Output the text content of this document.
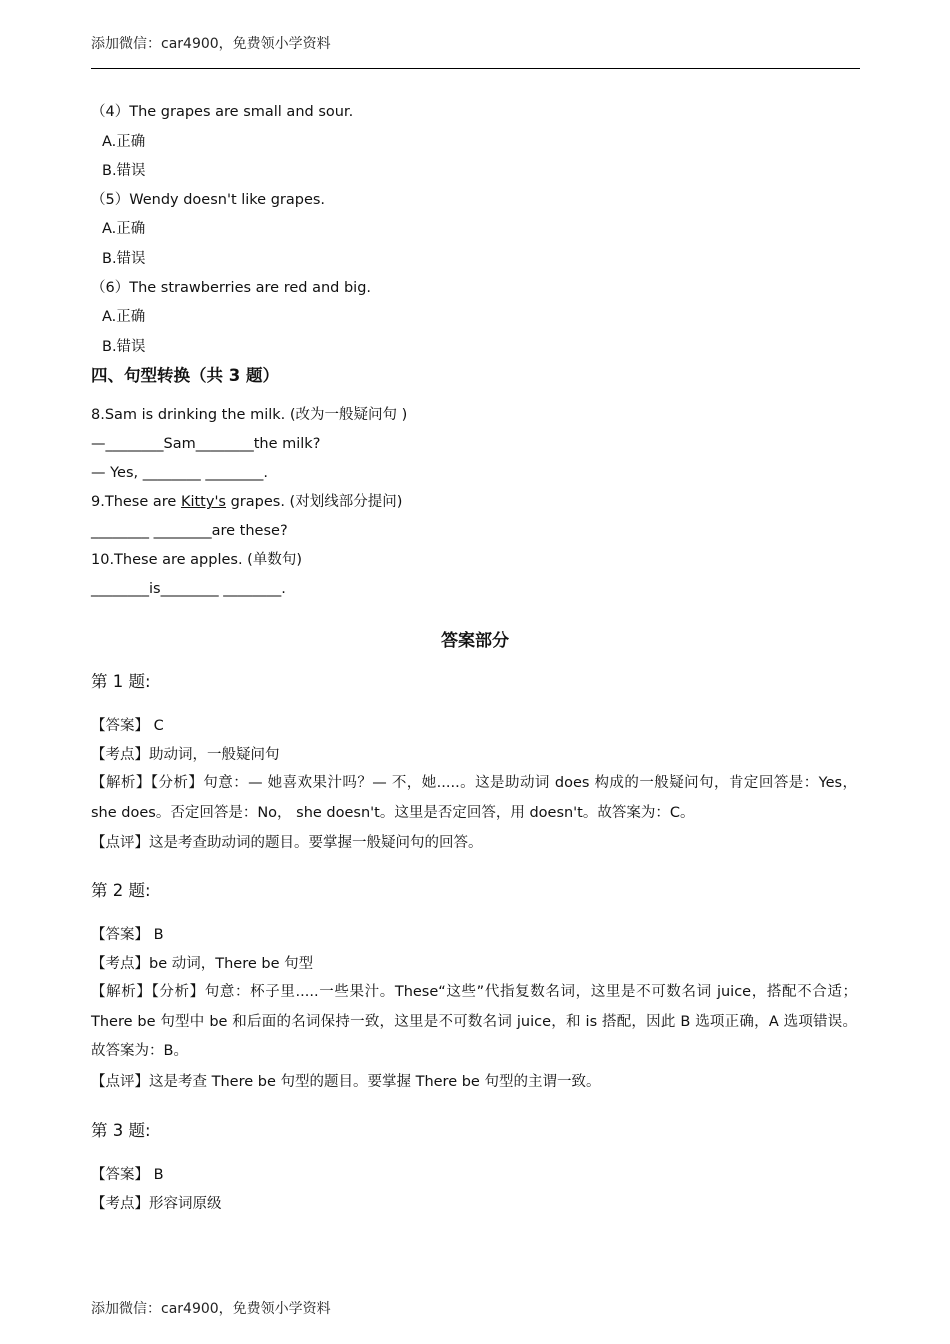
添加微信：car4900，免费领小学资料
（4）The grapes are small and sour.
A.正确
B.错误
（5）Wendy doesn't like grapes.
A.正确
B.错误
（6）The strawberries are red and big.
A.正确
B.错误
四、句型转换（共 3 题）
8.Sam is drinking the milk. (改为一般疑问句 )
—________Sam________the milk?
— Yes, ________ ________.
9.These are Kitty's grapes. (对划线部分提问)
________ ________are these?
10.These are apples. (单数句)
________is________ ________.
答案部分
第 1 题:
【答案】 C
【考点】助动词，一般疑问句
【解析】【分析】句意：— 她喜欢果汁吗？— 不，她.....。这是助动词 does 构成的一般疑问句，肯定回答是：Yes，she does。否定回答是：No， she doesn't。这里是否定回答，用 doesn't。故答案为：C。
【点评】这是考查助动词的题目。要掌握一般疑问句的回答。
第 2 题:
【答案】 B
【考点】be 动词，There be 句型
【解析】【分析】句意：杯子里.....一些果汁。These“这些”代指复数名词，这里是不可数名词 juice，搭配不合适；There be 句型中 be 和后面的名词保持一致，这里是不可数名词 juice，和 is 搭配，因此 B 选项正确，A 选项错误。故答案为：B。
【点评】这是考查 There be 句型的题目。要掌握 There be 句型的主谓一致。
第 3 题:
【答案】 B
【考点】形容词原级
添加微信：car4900，免费领小学资料
